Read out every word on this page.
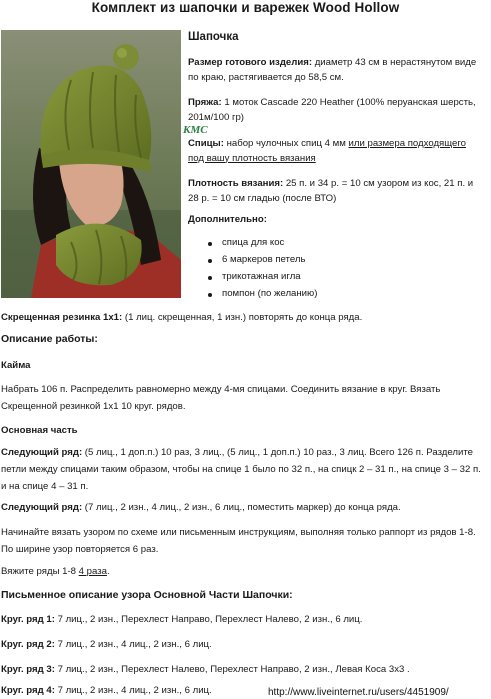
Комплект из шапочки и варежек Wood Hollow
КМС
Шапочка
Размер готового изделия: диаметр 43 см в нерастянутом виде
по краю, растягивается до 58,5 см.
Пряжа: 1 моток Cascade 220 Heather (100% перуанская шерсть,
201м/100 гр)
Спицы: набор чулочных спиц 4 мм или размера подходящего
под вашу плотность вязания
Плотность вязания: 25 п. и 34 р. = 10 см узором из кос, 21 п. и
28 р. = 10 см гладью (после ВТО)
Дополнительно:
спица для кос
6 маркеров петель
трикотажная игла
помпон (по желанию)
Скрещенная резинка 1х1: (1 лиц. скрещенная, 1 изн.) повторять до конца ряда.
Описание работы:
Кайма
Набрать 106 п. Распределить равномерно между 4-мя спицами. Соединить вязание в круг. Вязать
Скрещенной резинкой 1х1 10 круг. рядов.
Основная часть
Следующий ряд: (5 лиц., 1 доп.п.) 10 раз, 3 лиц., (5 лиц., 1 доп.п.) 10 раз., 3 лиц. Всего 126 п. Разделите
петли между спицами таким образом, чтобы на спице 1 было по 32 п., на спицк 2 – 31 п., на спице 3 – 32 п.
и на спице 4 – 31 п.
Следующий ряд: (7 лиц., 2 изн., 4 лиц., 2 изн., 6 лиц., поместить маркер) до конца ряда.
Начинайте вязать узором по схеме или письменным инструкциям, выполняя только раппорт из рядов 1-8.
По ширине узор повторяется 6 раз.
Вяжите ряды 1-8 4 раза.
Письменное описание узора Основной Части Шапочки:
Круг. ряд 1: 7 лиц., 2 изн., Перехлест Направо, Перехлест Налево, 2 изн., 6 лиц.
Круг. ряд 2: 7 лиц., 2 изн., 4 лиц., 2 изн., 6 лиц.
Круг. ряд 3: 7 лиц., 2 изн., Перехлест Налево, Перехлест Направо, 2 изн., Левая Коса 3х3 .
Круг. ряд 4: 7 лиц., 2 изн., 4 лиц., 2 изн., 6 лиц.	http://www.liveinternet.ru/users/4451909/
